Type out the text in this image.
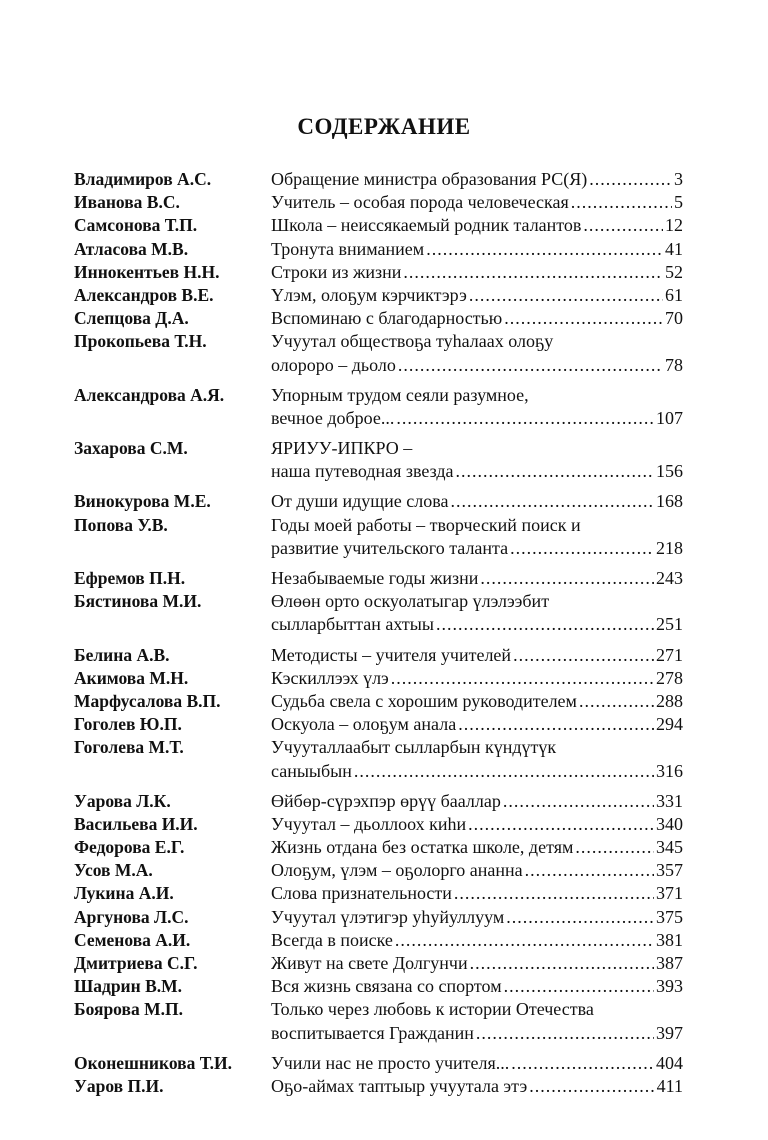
СОДЕРЖАНИЕ
Владимиров А.С.	Обращение министра образования РС(Я) .....	3
Иванова В.С.	Учитель – особая порода человеческая .....	5
Самсонова Т.П.	Школа – неиссякаемый родник талантов .....	12
Атласова М.В.	Тронута вниманием .....	41
Иннокентьев Н.Н.	Строки из жизни .....	52
Александров В.Е.	Үлэм, олоҕум кэрчиктэрэ .....	61
Слепцова Д.А.	Вспоминаю с благодарностью .....	70
Прокопьева Т.Н.	Учуутал обществоҕа туһалаах олоҕу
олороро – дьоло .....	78
Александрова А.Я.	Упорным трудом сеяли разумное,
вечное доброе... .....	107
Захарова С.М.	ЯРИУУ-ИПКРО –
наша путеводная звезда .....	156
Винокурова М.Е.	От души идущие слова .....	168
Попова У.В.	Годы моей работы – творческий поиск и
развитие учительского таланта .....	218
Ефремов П.Н.	Незабываемые годы жизни .....	243
Бястинова М.И.	Өлөөн орто оскуолатыгар үлэлээбит
сылларбыттан ахтыы .....	251
Белина А.В.	Методисты – учителя учителей .....	271
Акимова М.Н.	Кэскиллээх үлэ .....	278
Марфусалова В.П.	Судьба свела с хорошим руководителем .....	288
Гоголев Ю.П.	Оскуола – олоҕум анала .....	294
Гоголева М.Т.	Учууталлаабыт сылларбын күндүтүк
саныыбын .....	316
Уарова Л.К.	Өйбөр-сүрэхпэр өрүү бааллар .....	331
Васильева И.И.	Учуутал – дьоллоох киһи .....	340
Федорова Е.Г.	Жизнь отдана без остатка школе, детям .....	345
Усов М.А.	Олоҕум, үлэм – оҕолорго ананна .....	357
Лукина А.И.	Слова признательности .....	371
Аргунова Л.С.	Учуутал үлэтигэр уһуйуллуум .....	375
Семенова А.И.	Всегда в поиске .....	381
Дмитриева С.Г.	Живут на свете Долгунчи .....	387
Шадрин В.М.	Вся жизнь связана со спортом .....	393
Боярова М.П.	Только через любовь к истории Отечества
воспитывается Гражданин .....	397
Оконешникова Т.И.	Учили нас не просто учителя... .....	404
Уаров П.И.	Оҕо-аймах таптыыр учуутала этэ .....	411
